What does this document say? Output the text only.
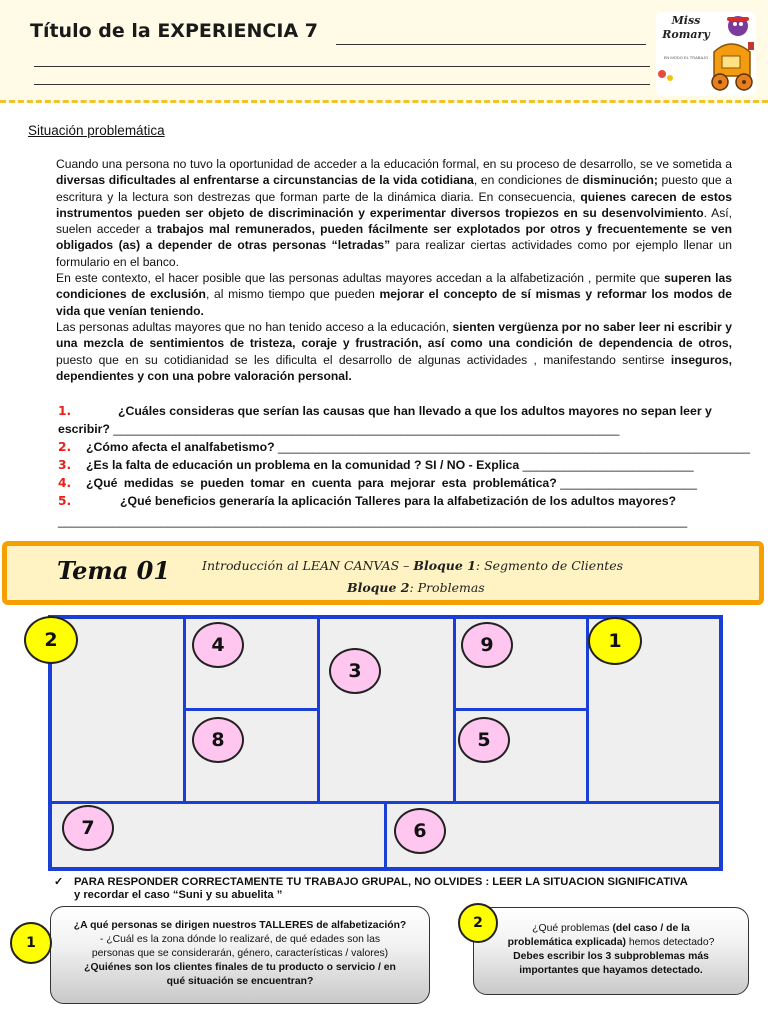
Título de la EXPERIENCIA 7	Miss
Romary
EN MODO EL TRABAJO
Situación problemática

Cuando una persona no tuvo la oportunidad de acceder a la educación formal, en su proceso de desarrollo, se ve sometida a diversas dificultades al enfrentarse a circunstancias de la vida cotidiana, en condiciones de disminución; puesto que a escritura y la lectura son destrezas que forman parte de la dinámica diaria. En consecuencia, quienes carecen de estos instrumentos pueden ser objeto de discriminación y experimentar diversos tropiezos en su desenvolvimiento. Así, suelen acceder a trabajos mal remunerados, pueden fácilmente ser explotados por otros y frecuentemente se ven obligados (as) a depender de otras personas “letradas” para realizar ciertas actividades como por ejemplo llenar un formulario en el banco.

En este contexto, el hacer posible que las personas adultas mayores accedan a la alfabetización , permite que superen las condiciones de exclusión, al mismo tiempo que pueden mejorar el concepto de sí mismas y reformar los modos de vida que venían teniendo.

Las personas adultas mayores que no han tenido acceso a la educación, sienten vergüenza por no saber leer ni escribir y una mezcla de sentimientos de tristeza, coraje y frustración, así como una condición de dependencia de otros, puesto que en su cotidianidad se les dificulta el desarrollo de algunas actividades , manifestando sentirse inseguros, dependientes y con una pobre valoración personal.

1.	¿Cuáles consideras que serían las causas que han llevado a que los adultos mayores no sepan leer y
escribir? __________________________________________________________________________
2. ¿Cómo afecta el analfabetismo? _____________________________________________________________________
3. ¿Es la falta de educación un problema en la comunidad ? SI / NO - Explica _________________________
4. ¿Qué medidas se pueden tomar en cuenta para mejorar esta problemática? ____________________
5.	¿Qué beneficios generaría la aplicación Talleres para la alfabetización de los adultos mayores?
____________________________________________________________________________________________
Tema 01	Introducción al LEAN CANVAS – Bloque 1: Segmento de Clientes
Bloque 2: Problemas
2	4
3
9	1
8	5
7	6
✓ PARA RESPONDER CORRECTAMENTE TU TRABAJO GRUPAL, NO OLVIDES : LEER LA SITUACION SIGNIFICATIVA
y recordar el caso “Suni y su abuelita ”
¿A qué personas se dirigen nuestros TALLERES de alfabetización?
- ¿Cuál es la zona dónde lo realizaré, de qué edades son las
personas que se considerarán, género, características / valores)
¿Quiénes son los clientes finales de tu producto o servicio / en
qué situación se encuentran?
1
¿Qué problemas (del caso / de la
problemática explicada) hemos detectado?
Debes escribir los 3 subproblemas más
importantes que hayamos detectado.
2
